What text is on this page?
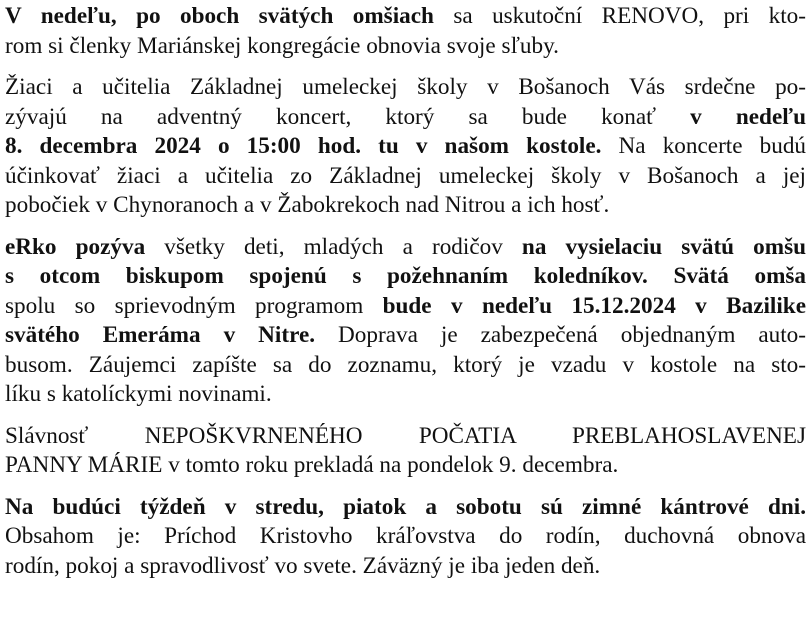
V nedeľu, po oboch svätých omšiach sa uskutoční RENOVO, pri kto-
rom si členky Mariánskej kongregácie obnovia svoje sľuby.

Žiaci a učitelia Základnej umeleckej školy v Bošanoch Vás srdečne po-
zývajú na adventný koncert, ktorý sa bude konať v nedeľu
8. decembra 2024 o 15:00 hod. tu v našom kostole. Na koncerte budú
účinkovať žiaci a učitelia zo Základnej umeleckej školy v Bošanoch a jej
pobočiek v Chynoranoch a v Žabokrekoch nad Nitrou a ich hosť.

eRko pozýva všetky deti, mladých a rodičov na vysielaciu svätú omšu
s otcom biskupom spojenú s požehnaním koledníkov. Svätá omša
spolu so sprievodným programom bude v nedeľu 15.12.2024 v Bazilike
svätého Emeráma v Nitre. Doprava je zabezpečená objednaným auto-
busom. Záujemci zapíšte sa do zoznamu, ktorý je vzadu v kostole na sto-
líku s katolíckymi novinami.

Slávnosť NEPOŠKVRNENÉHO POČATIA PREBLAHOSLAVENEJ
PANNY MÁRIE v tomto roku prekladá na pondelok 9. decembra.

Na budúci týždeň v stredu, piatok a sobotu sú zimné kántrové dni.
Obsahom je: Príchod Kristovho kráľovstva do rodín, duchovná obnova
rodín, pokoj a spravodlivosť vo svete. Záväzný je iba jeden deň.
